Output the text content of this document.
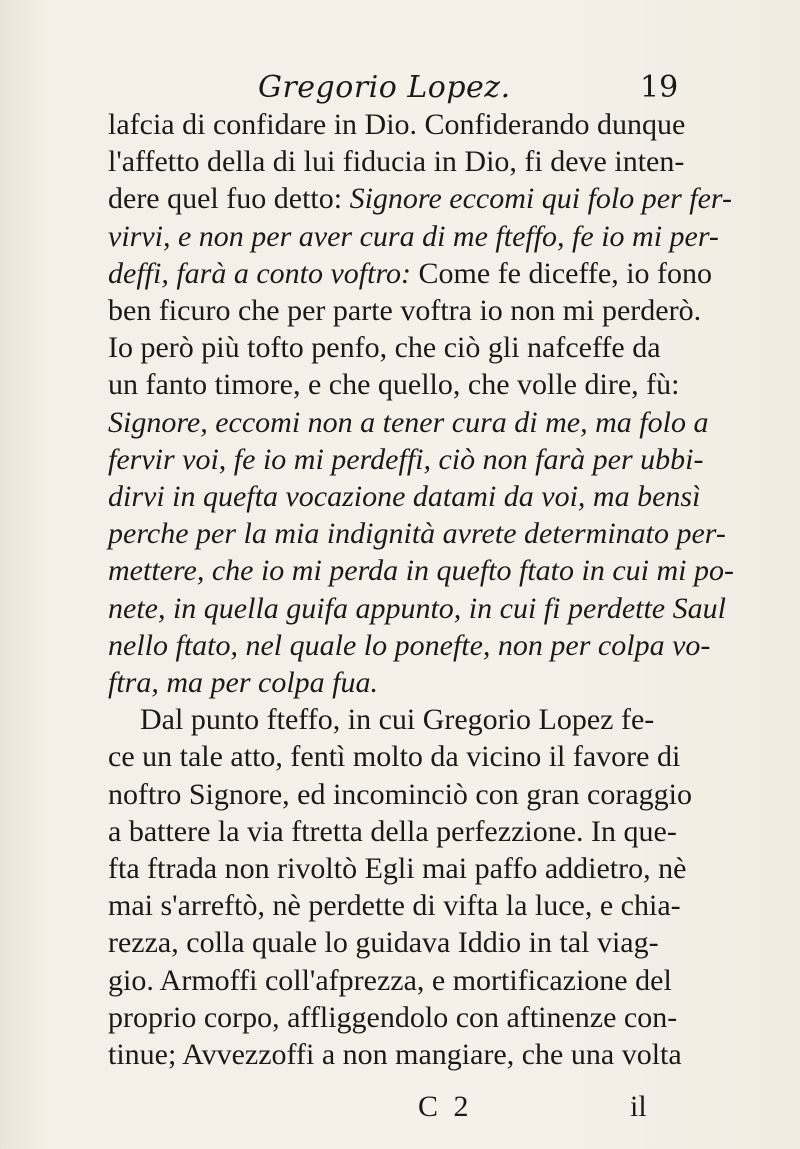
Gregorio Lopez.	19
lafcia di confidare in Dio. Confiderando dunque
l'affetto della di lui fiducia in Dio, fi deve inten-
dere quel fuo detto: Signore eccomi qui folo per fer-
virvi, e non per aver cura di me fteffo, fe io mi per-
deffi, farà a conto voftro: Come fe diceffe, io fono
ben ficuro che per parte voftra io non mi perderò.
Io però più tofto penfo, che ciò gli nafceffe da
un fanto timore, e che quello, che volle dire, fù:
Signore, eccomi non a tener cura di me, ma folo a
fervir voi, fe io mi perdeffi, ciò non farà per ubbi-
dirvi in quefta vocazione datami da voi, ma bensì
perche per la mia indignità avrete determinato per-
mettere, che io mi perda in quefto ftato in cui mi po-
nete, in quella guifa appunto, in cui fi perdette Saul
nello ftato, nel quale lo ponefte, non per colpa vo-
ftra, ma per colpa fua.
Dal punto fteffo, in cui Gregorio Lopez fe-
ce un tale atto, fentì molto da vicino il favore di
noftro Signore, ed incominciò con gran coraggio
a battere la via ftretta della perfezzione. In que-
fta ftrada non rivoltò Egli mai paffo addietro, nè
mai s'arreftò, nè perdette di vifta la luce, e chia-
rezza, colla quale lo guidava Iddio in tal viag-
gio. Armoffi coll'afprezza, e mortificazione del
proprio corpo, affliggendolo con aftinenze con-
tinue; Avvezzoffi a non mangiare, che una volta
C 2	il
